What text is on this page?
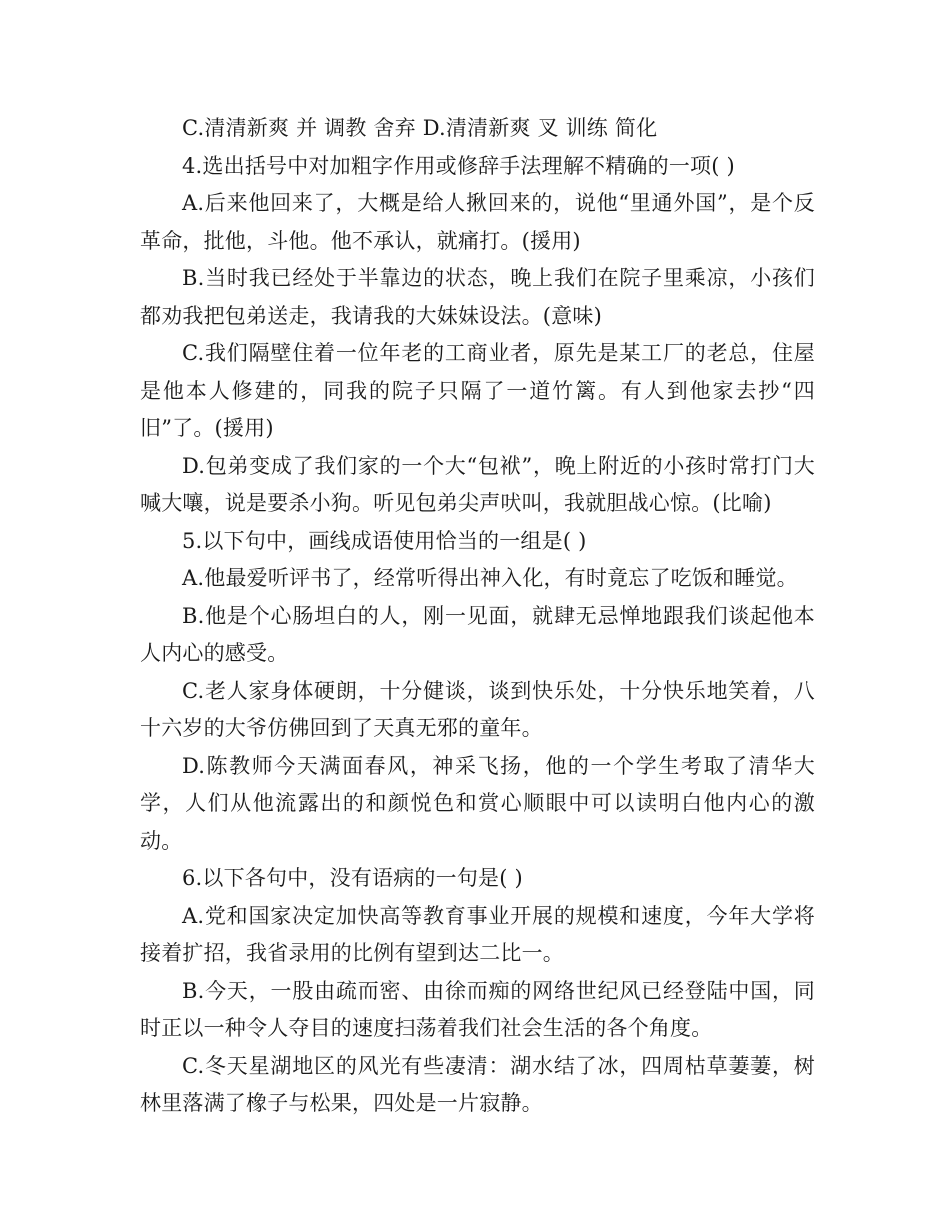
C.清清新爽 并 调教 舍弃 D.清清新爽 叉 训练 简化

4.选出括号中对加粗字作用或修辞手法理解不精确的一项( )

A.后来他回来了，大概是给人揪回来的，说他“里通外国”，是个反革命，批他，斗他。他不承认，就痛打。(援用)

B.当时我已经处于半靠边的状态，晚上我们在院子里乘凉，小孩们都劝我把包弟送走，我请我的大妹妹设法。(意味)

C.我们隔壁住着一位年老的工商业者，原先是某工厂的老总，住屋是他本人修建的，同我的院子只隔了一道竹篱。有人到他家去抄“四旧”了。(援用)

D.包弟变成了我们家的一个大“包袱”，晚上附近的小孩时常打门大喊大嚷，说是要杀小狗。听见包弟尖声吠叫，我就胆战心惊。(比喻)

5.以下句中，画线成语使用恰当的一组是( )

A.他最爱听评书了，经常听得出神入化，有时竟忘了吃饭和睡觉。

B.他是个心肠坦白的人，刚一见面，就肆无忌惮地跟我们谈起他本人内心的感受。

C.老人家身体硬朗，十分健谈，谈到快乐处，十分快乐地笑着，八十六岁的大爷仿佛回到了天真无邪的童年。

D.陈教师今天满面春风，神采飞扬，他的一个学生考取了清华大学，人们从他流露出的和颜悦色和赏心顺眼中可以读明白他内心的激动。

6.以下各句中，没有语病的一句是( )

A.党和国家决定加快高等教育事业开展的规模和速度，今年大学将接着扩招，我省录用的比例有望到达二比一。

B.今天，一股由疏而密、由徐而痴的网络世纪风已经登陆中国，同时正以一种令人夺目的速度扫荡着我们社会生活的各个角度。

C.冬天星湖地区的风光有些凄清：湖水结了冰，四周枯草萋萋，树林里落满了橡子与松果，四处是一片寂静。
